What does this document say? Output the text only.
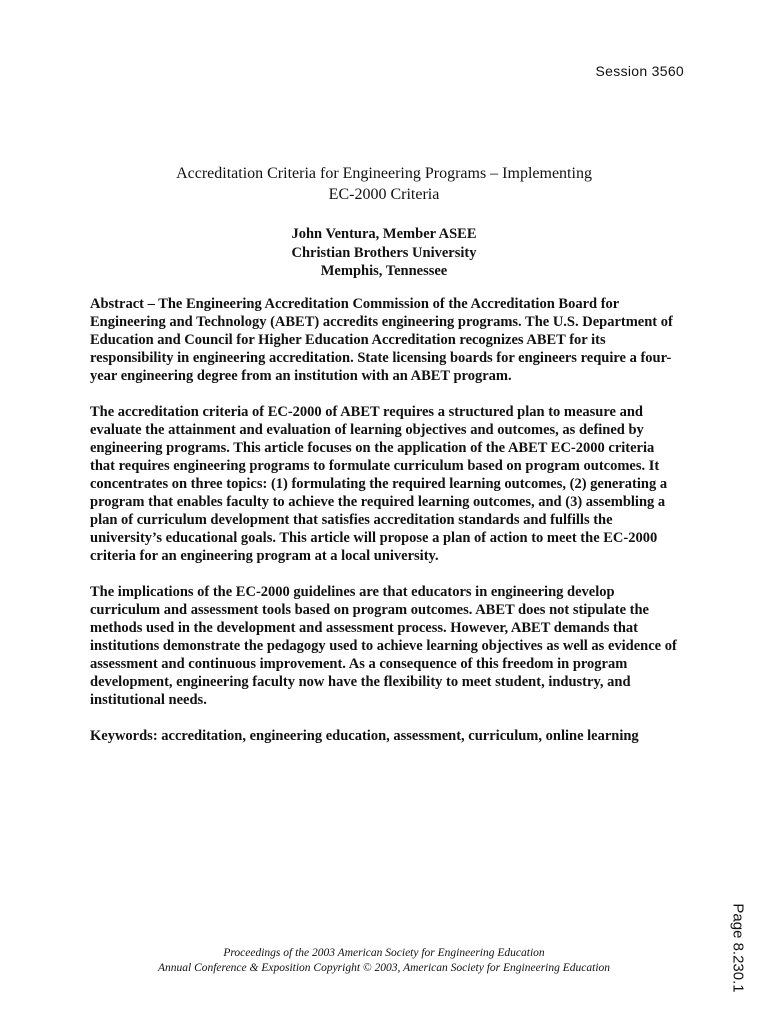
Session 3560
Accreditation Criteria for Engineering Programs – Implementing
EC-2000 Criteria
John Ventura, Member ASEE
Christian Brothers University
Memphis, Tennessee

Abstract – The Engineering Accreditation Commission of the Accreditation Board for Engineering and Technology (ABET) accredits engineering programs. The U.S. Department of Education and Council for Higher Education Accreditation recognizes ABET for its responsibility in engineering accreditation. State licensing boards for engineers require a four-year engineering degree from an institution with an ABET program.

The accreditation criteria of EC-2000 of ABET requires a structured plan to measure and evaluate the attainment and evaluation of learning objectives and outcomes, as defined by engineering programs. This article focuses on the application of the ABET EC-2000 criteria that requires engineering programs to formulate curriculum based on program outcomes. It concentrates on three topics: (1) formulating the required learning outcomes, (2) generating a program that enables faculty to achieve the required learning outcomes, and (3) assembling a plan of curriculum development that satisfies accreditation standards and fulfills the university’s educational goals. This article will propose a plan of action to meet the EC-2000 criteria for an engineering program at a local university.

The implications of the EC-2000 guidelines are that educators in engineering develop curriculum and assessment tools based on program outcomes. ABET does not stipulate the methods used in the development and assessment process. However, ABET demands that institutions demonstrate the pedagogy used to achieve learning objectives as well as evidence of assessment and continuous improvement. As a consequence of this freedom in program development, engineering faculty now have the flexibility to meet student, industry, and institutional needs.

Keywords: accreditation, engineering education, assessment, curriculum, online learning

Page 8.230.1
Proceedings of the 2003 American Society for Engineering Education
Annual Conference & Exposition Copyright © 2003, American Society for Engineering Education
